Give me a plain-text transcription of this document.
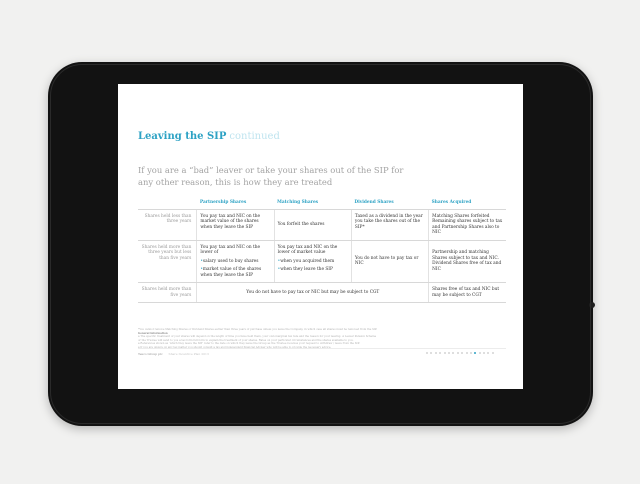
Leaving the SIP continued
If you are a “bad” leaver or take your shares out of the SIP for any other reason, this is how they are treated
	Partnership Shares	Matching Shares	Dividend Shares	Shares Acquired
Shares held less than three years	You pay tax and NIC on the market value of the shares when they leave the SIP	You forfeit the shares	Taxed as a dividend in the year you take the shares out of the SIP*	Matching Shares forfeited Remaining shares subject to tax and Partnership Shares also to NIC
Shares held more than three years but less than five years	You pay tax and NIC on the lower of
• salary used to buy shares
• market value of the shares when they leave the SIP	You pay tax and NIC on the lower of market value
• when you acquired them
• when they leave the SIP	You do not have to pay tax or NIC	Partnership and matching Shares subject to tax and NIC. Dividend Shares free of tax and NIC
Shares held more than five years	You do not have to pay tax or NIC but may be subject to CGT			Shares free of tax and NIC but may be subject to CGT
*You cannot remove Matching Shares or Dividend Shares earlier than three years of purchase unless you leave the Company, in which case all shares must be removed from the SIP.
General information
a The specific treatment of your shares will depend on the length of time you have held them, your own marginal tax rate and the reason for your leaving. A Leaver Pension Scheme
or the Trustee will send to you a tax form full form to explain the treatment of your shares. Rates on your particular circumstances and the shares available to you.
a References shown as ‘which they leave the SIP’ refer to the date on which they leave the Group as the Trustee receives your request to withdraw / leave from the SIP.
Tesco Group plc Share Incentive Plan 2013
